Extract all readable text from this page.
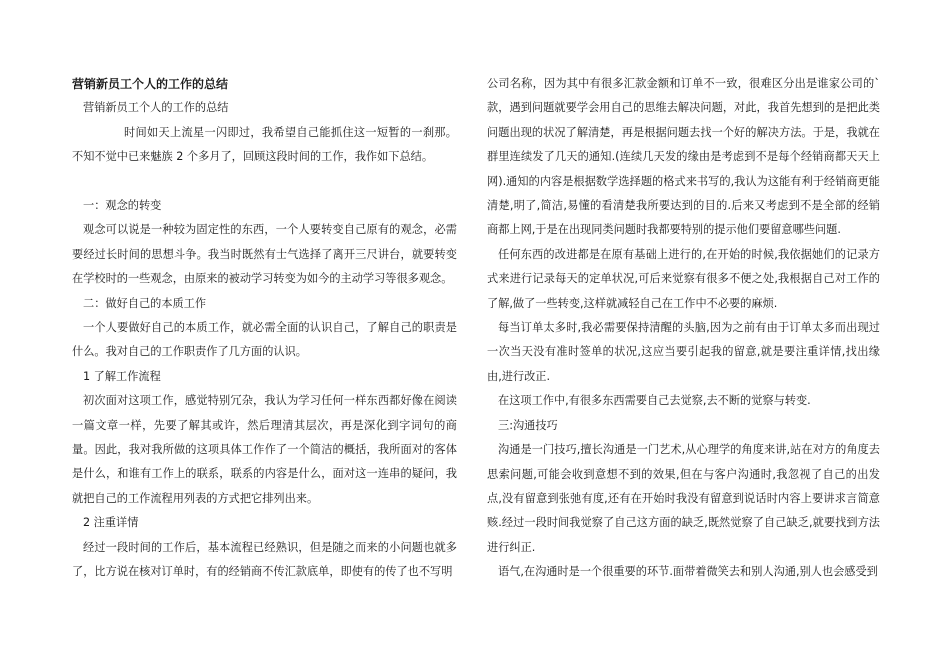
营销新员工个人的工作的总结

营销新员工个人的工作的总结

时间如天上流星一闪即过，我希望自己能抓住这一短暂的一刹那。不知不觉中已来魅族 2 个多月了，回顾这段时间的工作，我作如下总结。

一：观念的转变

观念可以说是一种较为固定性的东西，一个人要转变自己原有的观念，必需要经过长时间的思想斗争。我当时既然有士气选择了离开三尺讲台，就要转变在学校时的一些观念，由原来的被动学习转变为如今的主动学习等很多观念。

二：做好自己的本质工作

一个人要做好自己的本质工作，就必需全面的认识自己，了解自己的职责是什么。我对自己的工作职责作了几方面的认识。

1 了解工作流程

初次面对这项工作，感觉特别冗杂，我认为学习任何一样东西都好像在阅读一篇文章一样，先要了解其或许，然后理清其层次，再是深化到字词句的商量。因此，我对我所做的这项具体工作作了一个简洁的概括，我所面对的客体是什么，和谁有工作上的联系，联系的内容是什么，面对这一连串的疑问，我就把自己的工作流程用列表的方式把它排列出来。

2 注重详情

经过一段时间的工作后，基本流程已经熟识，但是随之而来的小问题也就多了，比方说在核对订单时，有的经销商不传汇款底单，即使有的传了也不写明

公司名称，因为其中有很多汇款金额和订单不一致，很难区分出是谁家公司的`款，遇到问题就要学会用自己的思维去解决问题，对此，我首先想到的是把此类问题出现的状况了解清楚，再是根据问题去找一个好的解决方法。于是，我就在群里连续发了几天的通知.(连续几天发的缘由是考虑到不是每个经销商都天天上网).通知的内容是根据数学选择题的格式来书写的,我认为这能有利于经销商更能清楚,明了,简洁,易懂的看清楚我所要达到的目的.后来又考虑到不是全部的经销商都上网,于是在出现同类问题时我都要特别的提示他们要留意哪些问题.

任何东西的改进都是在原有基础上进行的,在开始的时候,我依据她们的记录方式来进行记录每天的定单状况,可后来觉察有很多不便之处,我根据自己对工作的了解,做了一些转变,这样就减轻自己在工作中不必要的麻烦.

每当订单太多时,我必需要保持清醒的头脑,因为之前有由于订单太多而出现过一次当天没有准时签单的状况,这应当要引起我的留意,就是要注重详情,找出缘由,进行改正.

在这项工作中,有很多东西需要自己去觉察,去不断的觉察与转变.

三:沟通技巧

沟通是一门技巧,擅长沟通是一门艺术,从心理学的角度来讲,站在对方的角度去思索问题,可能会收到意想不到的效果,但在与客户沟通时,我忽视了自己的出发点,没有留意到张弛有度,还有在开始时我没有留意到说话时内容上要讲求言简意赅.经过一段时间我觉察了自己这方面的缺乏,既然觉察了自己缺乏,就要找到方法进行纠正.

语气,在沟通时是一个很重要的环节.面带着微笑去和别人沟通,别人也会感受到
